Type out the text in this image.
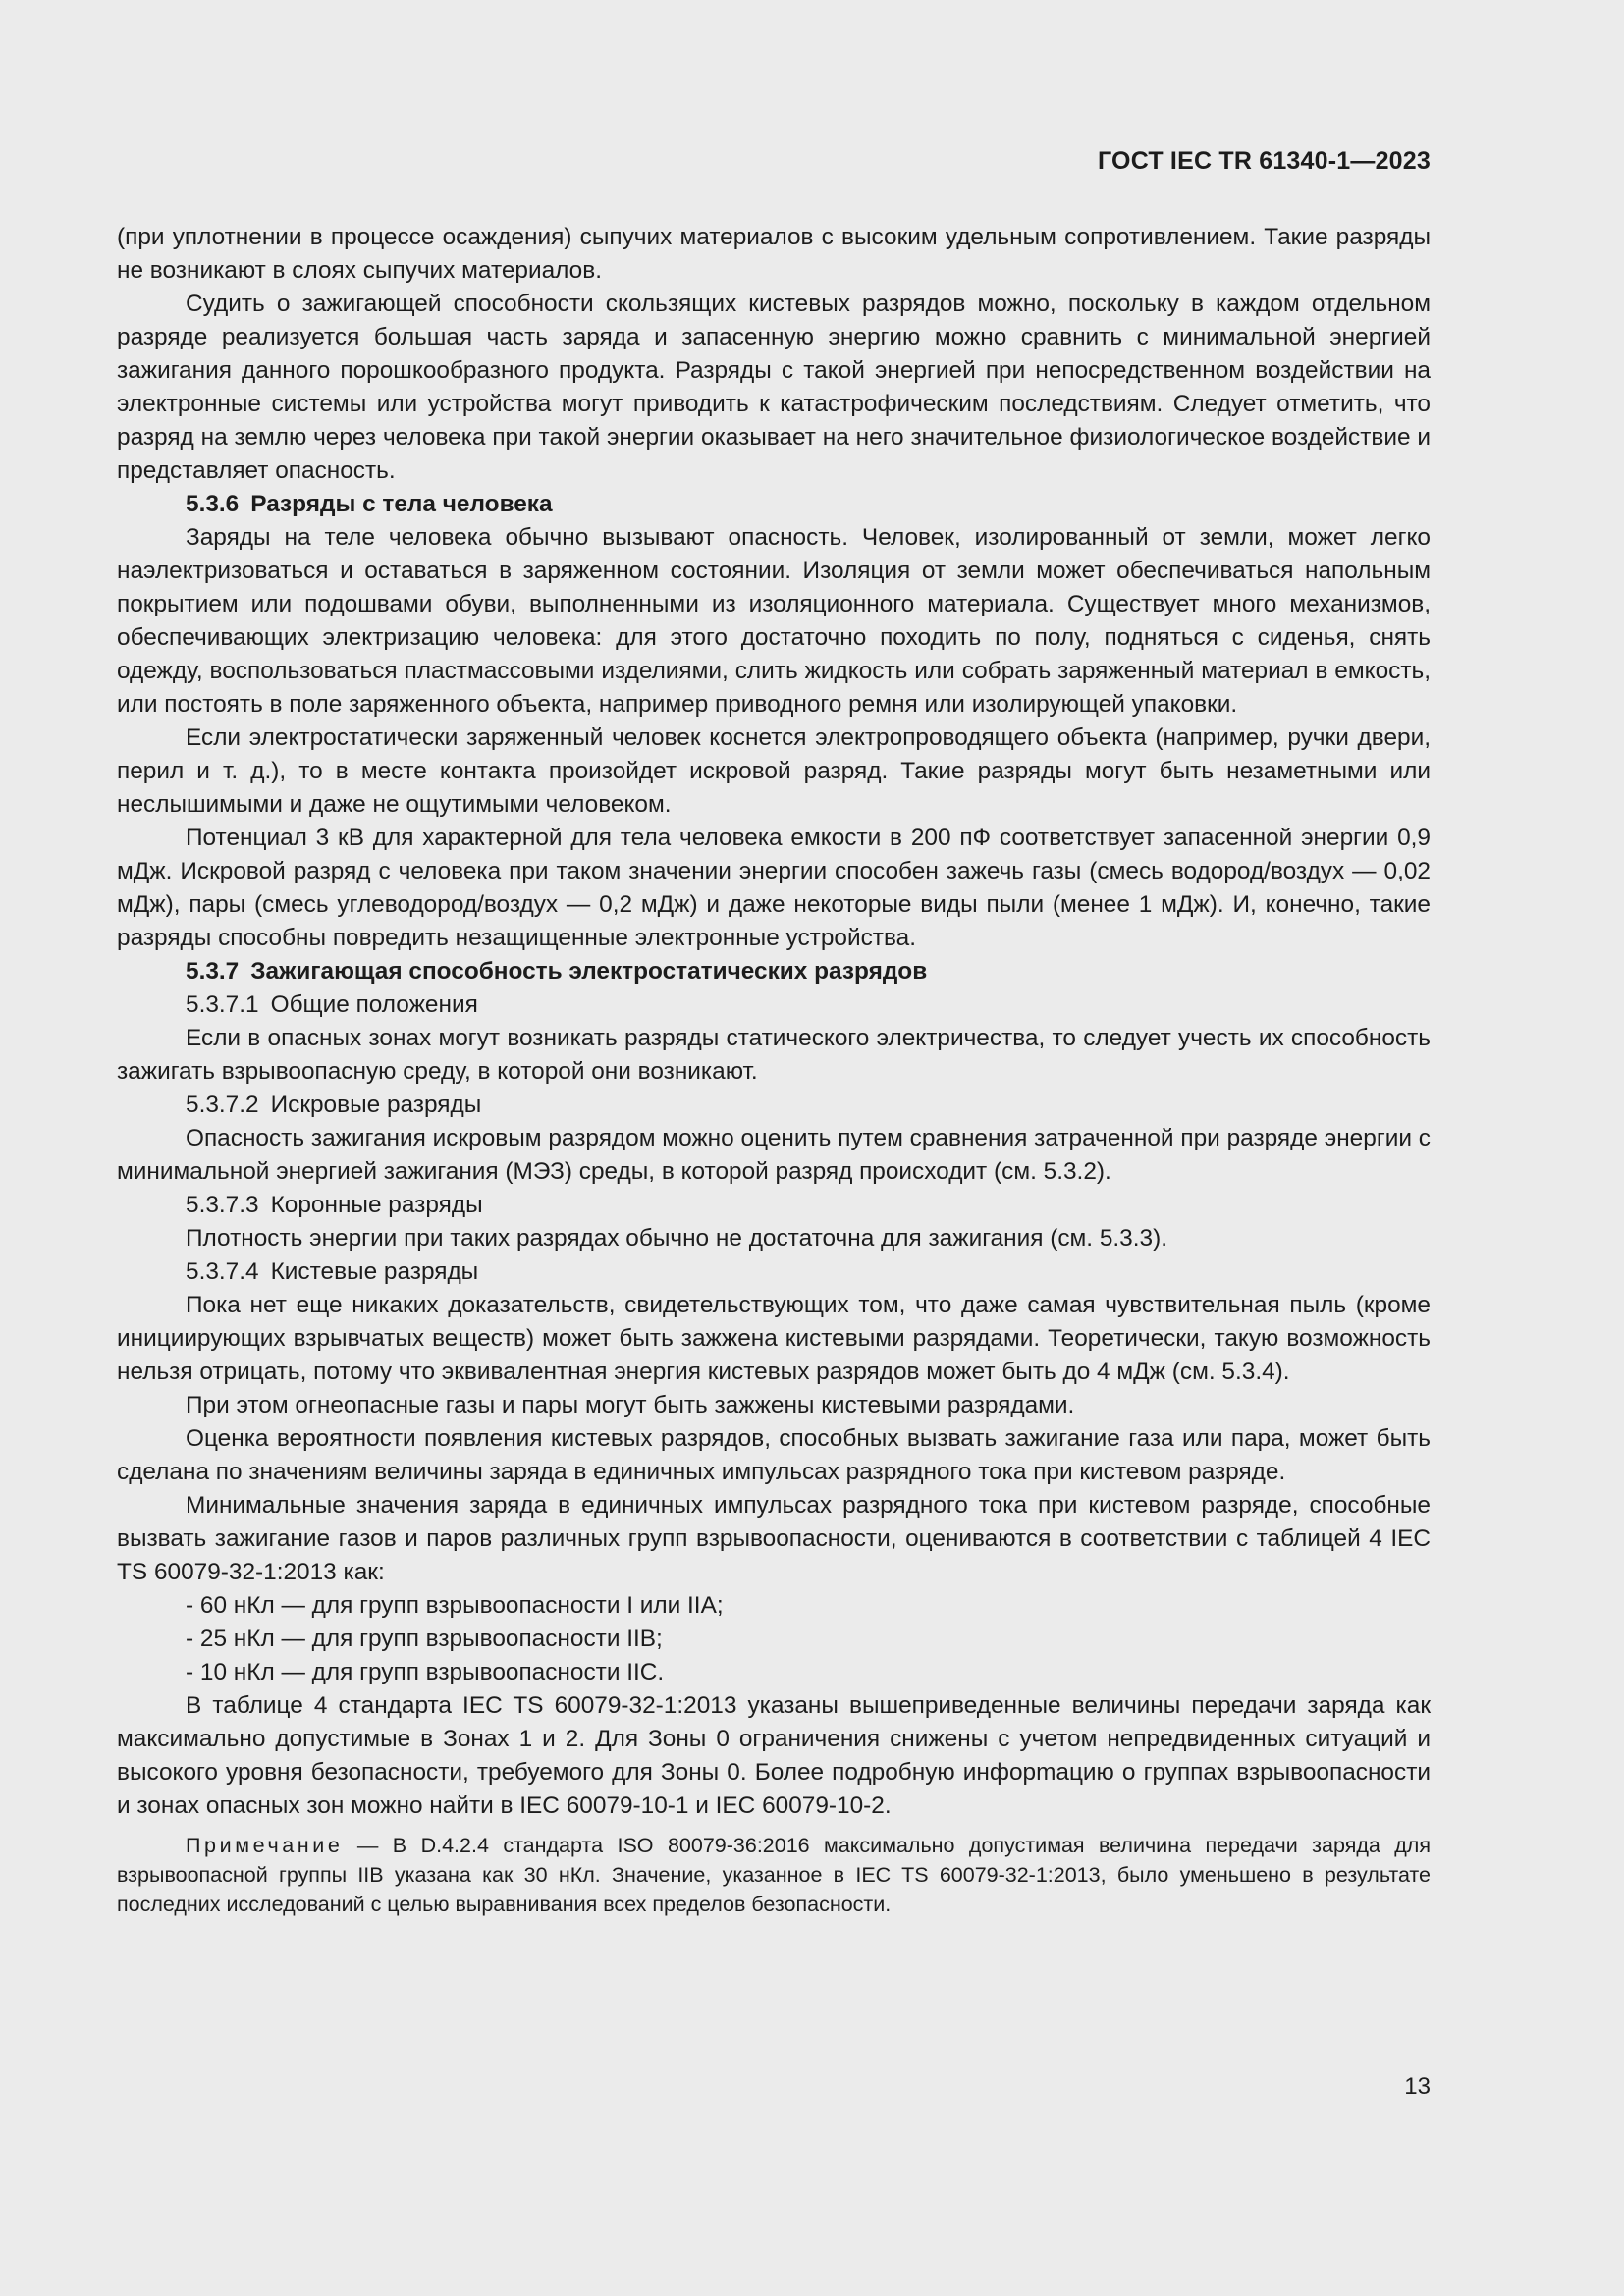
ГОСТ IEC TR 61340-1—2023

(при уплотнении в процессе осаждения) сыпучих материалов с высоким удельным сопротивлением. Такие разряды не возникают в слоях сыпучих материалов.

Судить о зажигающей способности скользящих кистевых разрядов можно, поскольку в каждом отдельном разряде реализуется большая часть заряда и запасенную энергию можно сравнить с минимальной энергией зажигания данного порошкообразного продукта. Разряды с такой энергией при непосредственном воздействии на электронные системы или устройства могут приводить к катастрофическим последствиям. Следует отметить, что разряд на землю через человека при такой энергии оказывает на него значительное физиологическое воздействие и представляет опасность.

5.3.6 Разряды с тела человека

Заряды на теле человека обычно вызывают опасность. Человек, изолированный от земли, может легко наэлектризоваться и оставаться в заряженном состоянии. Изоляция от земли может обеспечиваться напольным покрытием или подошвами обуви, выполненными из изоляционного материала. Существует много механизмов, обеспечивающих электризацию человека: для этого достаточно походить по полу, подняться с сиденья, снять одежду, воспользоваться пластмассовыми изделиями, слить жидкость или собрать заряженный материал в емкость, или постоять в поле заряженного объекта, например приводного ремня или изолирующей упаковки.

Если электростатически заряженный человек коснется электропроводящего объекта (например, ручки двери, перил и т. д.), то в месте контакта произойдет искровой разряд. Такие разряды могут быть незаметными или неслышимыми и даже не ощутимыми человеком.

Потенциал 3 кВ для характерной для тела человека емкости в 200 пФ соответствует запасенной энергии 0,9 мДж. Искровой разряд с человека при таком значении энергии способен зажечь газы (смесь водород/воздух — 0,02 мДж), пары (смесь углеводород/воздух — 0,2 мДж) и даже некоторые виды пыли (менее 1 мДж). И, конечно, такие разряды способны повредить незащищенные электронные устройства.

5.3.7 Зажигающая способность электростатических разрядов

5.3.7.1 Общие положения

Если в опасных зонах могут возникать разряды статического электричества, то следует учесть их способность зажигать взрывоопасную среду, в которой они возникают.

5.3.7.2 Искровые разряды

Опасность зажигания искровым разрядом можно оценить путем сравнения затраченной при разряде энергии с минимальной энергией зажигания (МЭЗ) среды, в которой разряд происходит (см. 5.3.2).

5.3.7.3 Коронные разряды

Плотность энергии при таких разрядах обычно не достаточна для зажигания (см. 5.3.3).

5.3.7.4 Кистевые разряды

Пока нет еще никаких доказательств, свидетельствующих том, что даже самая чувствительная пыль (кроме инициирующих взрывчатых веществ) может быть зажжена кистевыми разрядами. Теоретически, такую возможность нельзя отрицать, потому что эквивалентная энергия кистевых разрядов может быть до 4 мДж (см. 5.3.4).

При этом огнеопасные газы и пары могут быть зажжены кистевыми разрядами.

Оценка вероятности появления кистевых разрядов, способных вызвать зажигание газа или пара, может быть сделана по значениям величины заряда в единичных импульсах разрядного тока при кистевом разряде.

Минимальные значения заряда в единичных импульсах разрядного тока при кистевом разряде, способные вызвать зажигание газов и паров различных групп взрывоопасности, оцениваются в соответствии с таблицей 4 IEC TS 60079-32-1:2013 как:

- 60 нКл — для групп взрывоопасности I или IIA;
- 25 нКл — для групп взрывоопасности IIB;
- 10 нКл — для групп взрывоопасности IIC.

В таблице 4 стандарта IEC TS 60079-32-1:2013 указаны вышеприведенные величины передачи заряда как максимально допустимые в Зонах 1 и 2. Для Зоны 0 ограничения снижены с учетом непредвиденных ситуаций и высокого уровня безопасности, требуемого для Зоны 0. Более подробную инфорmацию о группах взрывоопасности и зонах опасных зон можно найти в IEC 60079-10-1 и IEC 60079-10-2.

Примечание — В D.4.2.4 стандарта ISO 80079-36:2016 максимально допустимая величина передачи заряда для взрывоопасной группы IIB указана как 30 нКл. Значение, указанное в IEC TS 60079-32-1:2013, было уменьшено в результате последних исследований с целью выравнивания всех пределов безопасности.

13
